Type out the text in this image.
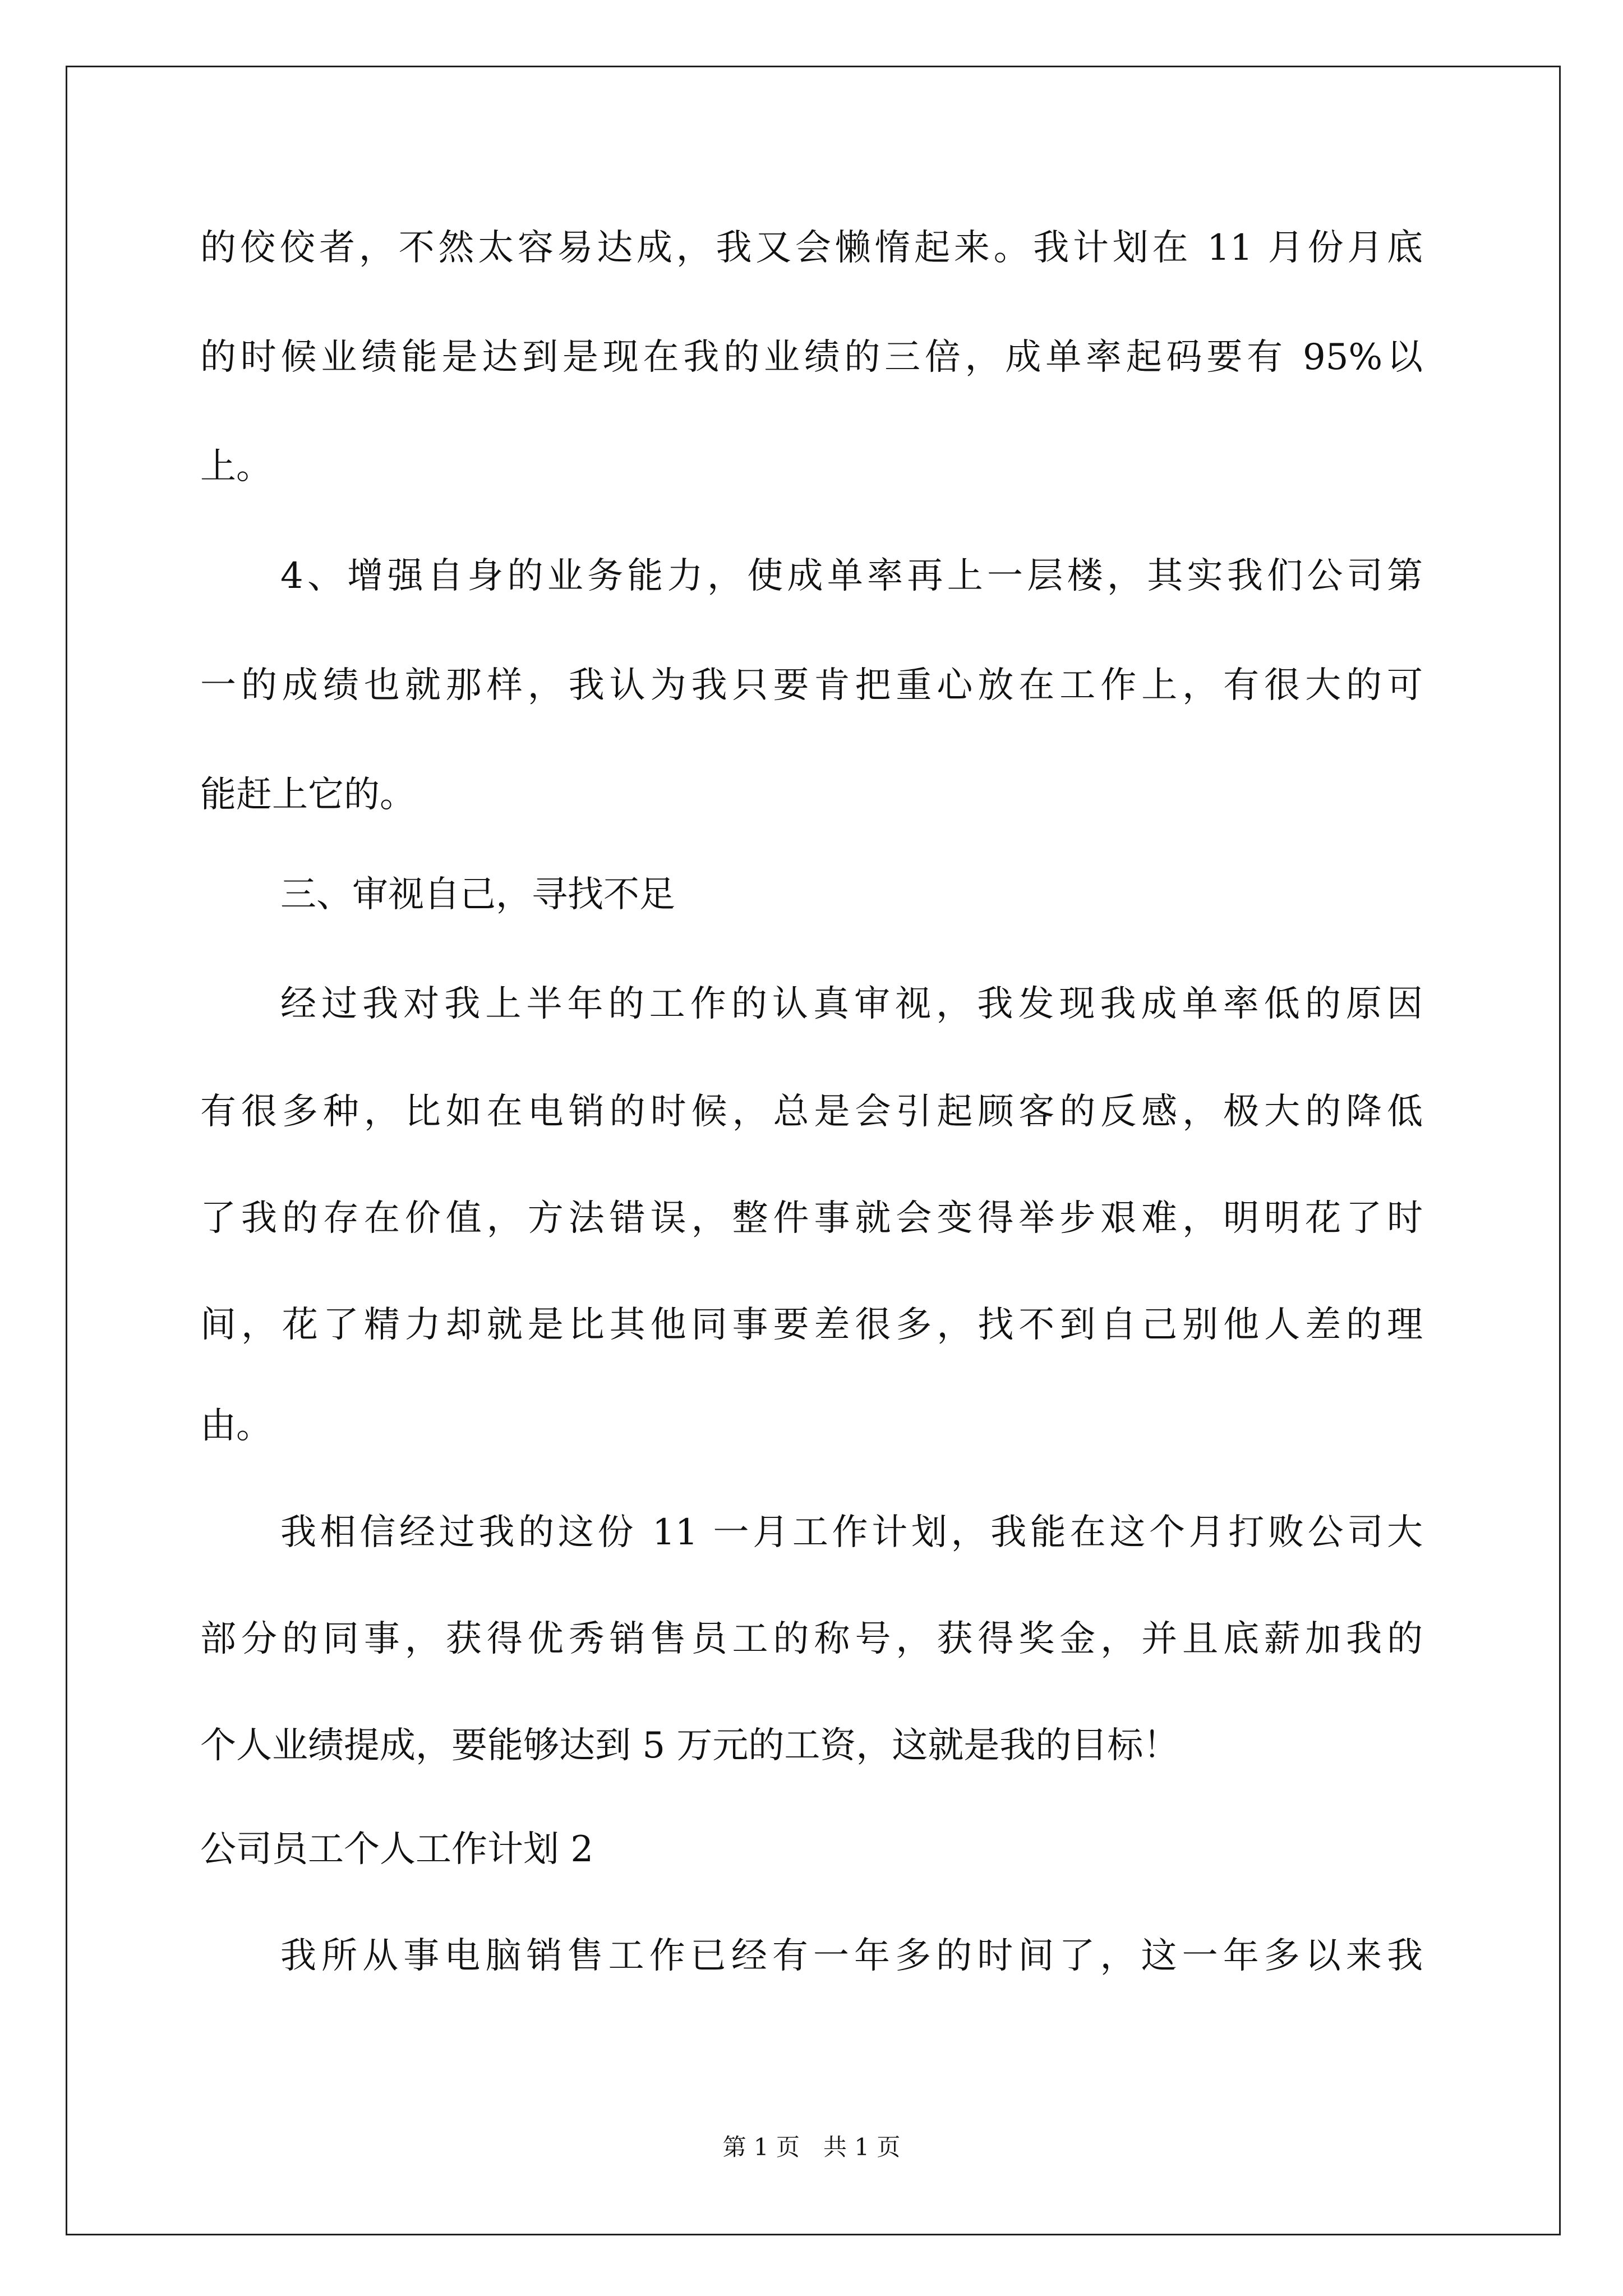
的佼佼者，不然太容易达成，我又会懒惰起来。我计划在 11 月份月底

的时候业绩能是达到是现在我的业绩的三倍，成单率起码要有 95%以

上。

4、增强自身的业务能力，使成单率再上一层楼，其实我们公司第

一的成绩也就那样，我认为我只要肯把重心放在工作上，有很大的可

能赶上它的。

三、审视自己，寻找不足

经过我对我上半年的工作的认真审视，我发现我成单率低的原因

有很多种，比如在电销的时候，总是会引起顾客的反感，极大的降低

了我的存在价值，方法错误，整件事就会变得举步艰难，明明花了时

间，花了精力却就是比其他同事要差很多，找不到自己别他人差的理

由。

我相信经过我的这份 11 一月工作计划，我能在这个月打败公司大

部分的同事，获得优秀销售员工的称号，获得奖金，并且底薪加我的

个人业绩提成，要能够达到 5 万元的工资，这就是我的目标！

公司员工个人工作计划 2

我所从事电脑销售工作已经有一年多的时间了，这一年多以来我

第 1 页　共 1 页
